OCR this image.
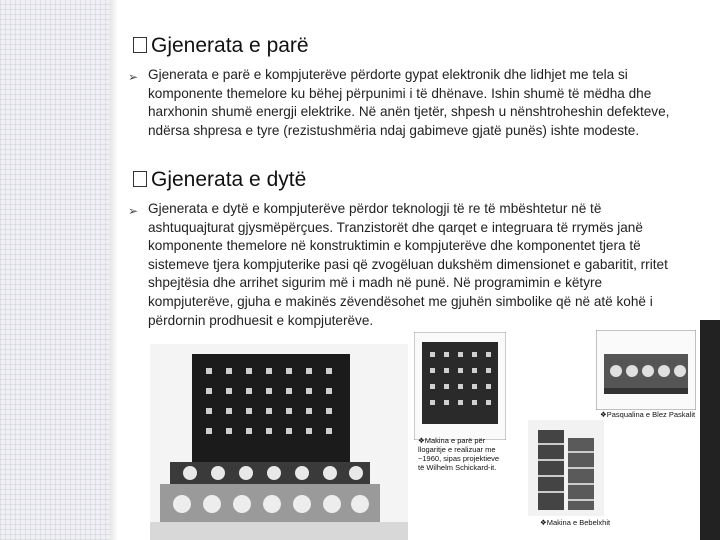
Gjenerata e parë
➢ Gjenerata e parë e kompjuterëve përdorte gypat elektronik dhe lidhjet me tela si komponente themelore ku bëhej përpunimi i të dhënave. Ishin shumë të mëdha dhe harxhonin shumë energji elektrike. Në anën tjetër, shpesh u nënshtroheshin defekteve, ndërsa shpresa e tyre (rezistushmëria ndaj gabimeve gjatë punës) ishte modeste.
Gjenerata e dytë
➢ Gjenerata e dytë e kompjuterëve përdor teknologji të re të mbështetur në të ashtuquajturat gjysmëpërçues. Tranzistorët dhe qarqet e integruara të rrymës janë komponente themelore në konstruktimin e kompjuterëve dhe komponentet tjera të sistemeve tjera kompjuterike pasi që zvogëluan dukshëm dimensionet e gabaritit, rritet shpejtësia dhe arrihet sigurim më i madh në punë. Në programimin e këtyre kompjuterëve, gjuha e makinës zëvendësohet me gjuhën simbolike që në atë kohë i përdornin prodhuesit e kompjuterëve.
❖Pasqualina e Blez Paskalit
❖Makina e parë për llogaritje e realizuar me ~1960, sipas projektieve të Wilhelm Schickard-it.
❖Makina e Bebelxhit
